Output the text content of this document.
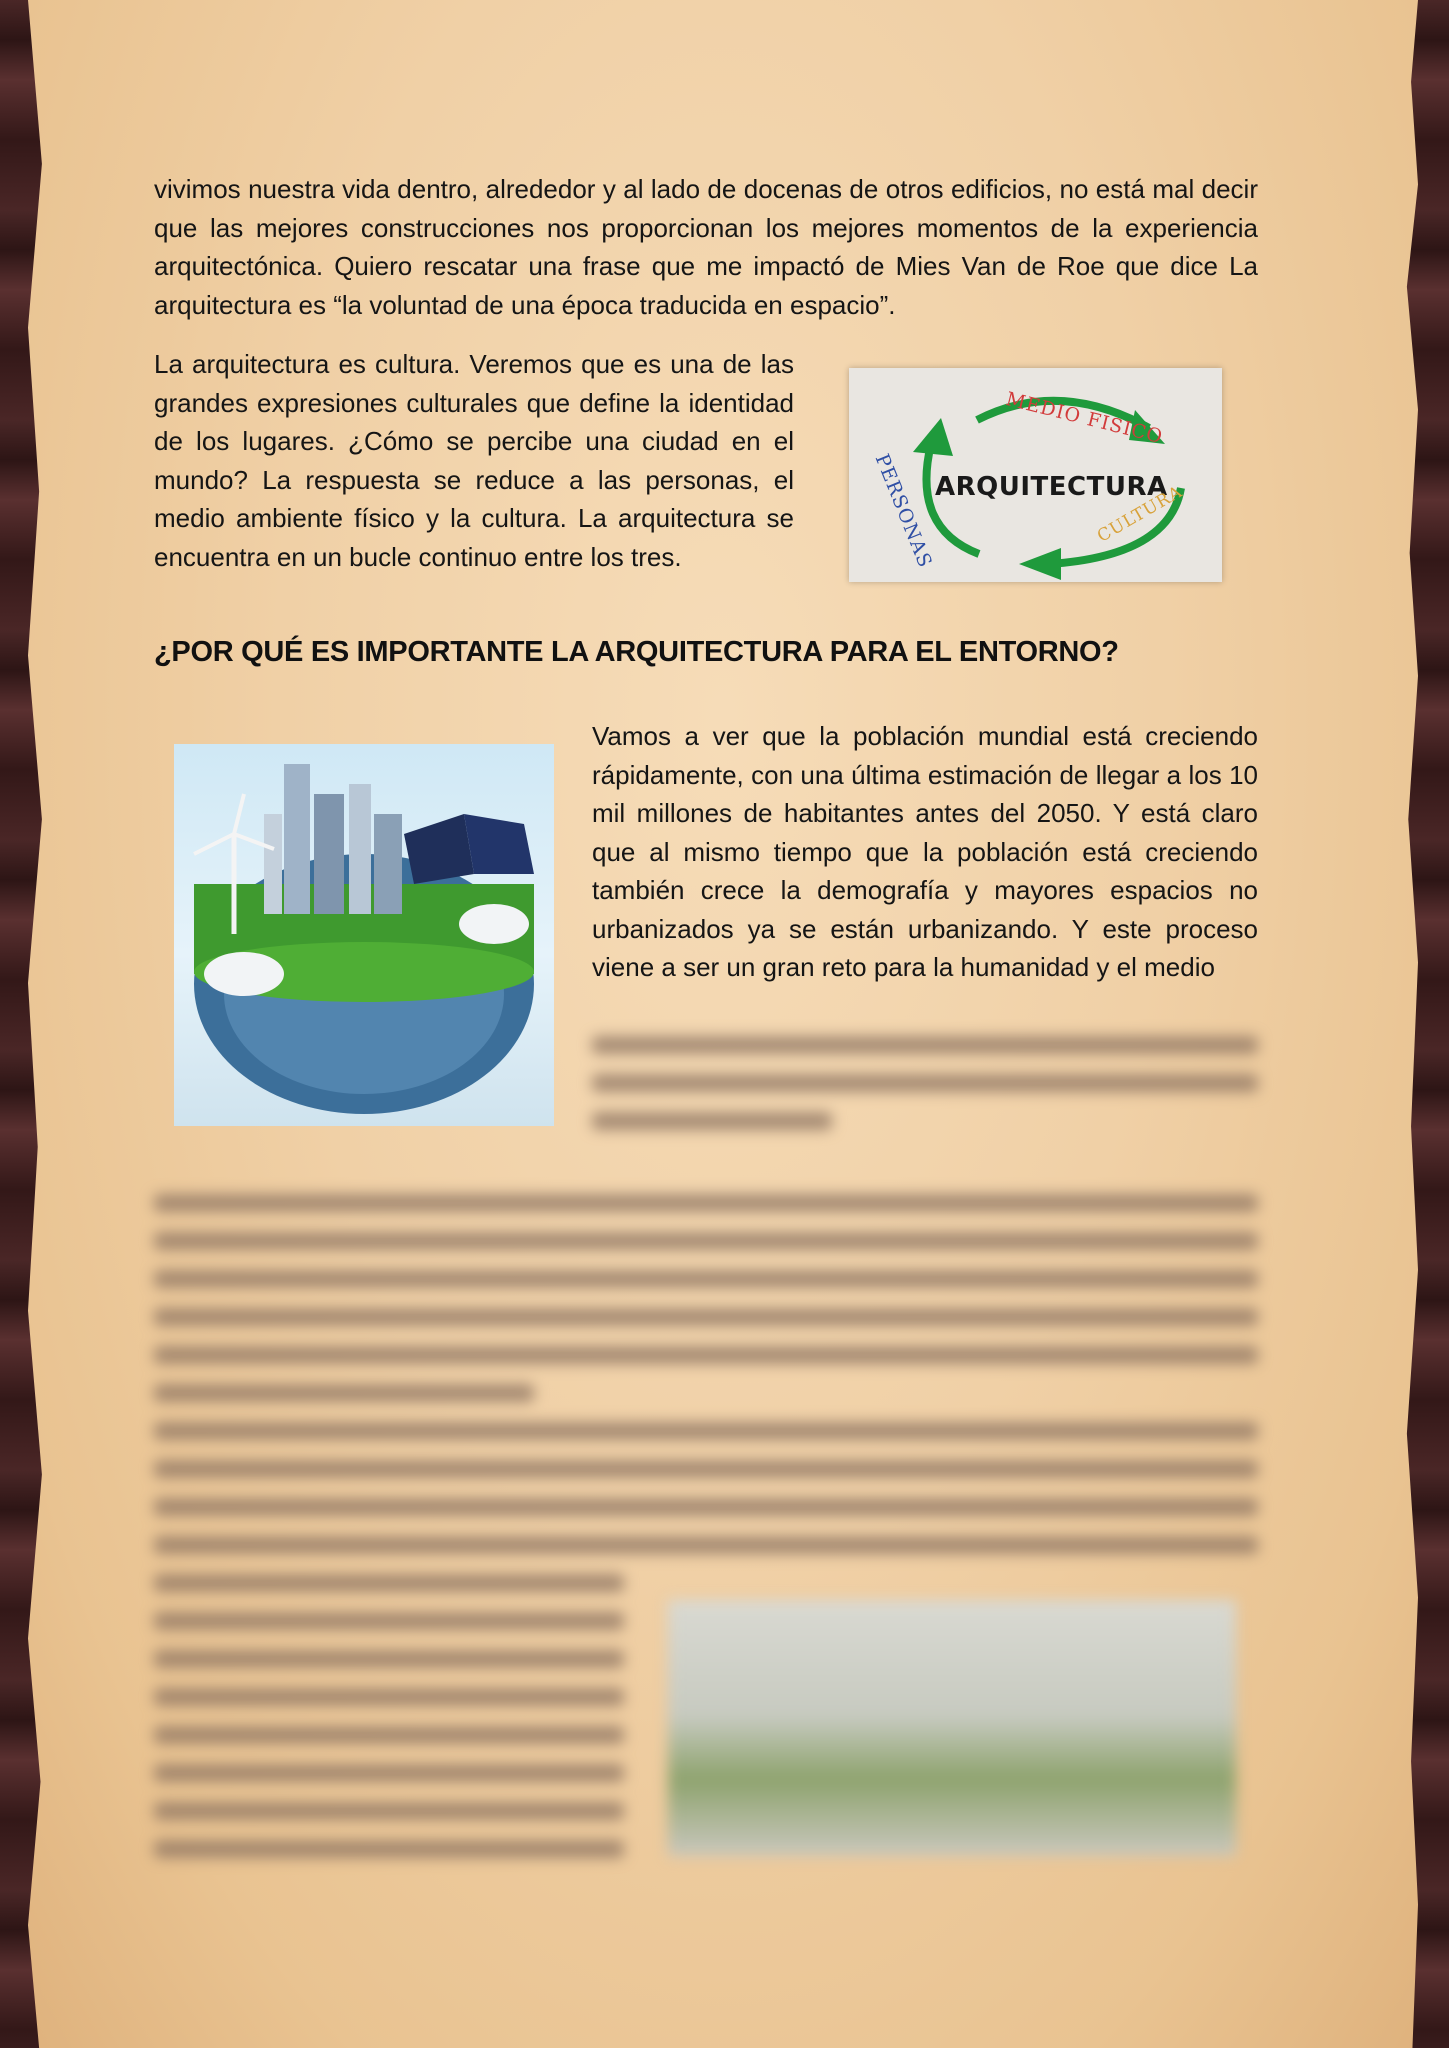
vivimos nuestra vida dentro, alrededor y al lado de docenas de otros edificios, no está mal decir que las mejores construcciones nos proporcionan los mejores momentos de la experiencia arquitectónica. Quiero rescatar una frase que me impactó de Mies Van de Roe que dice La arquitectura es “la voluntad de una época traducida en espacio”.

La arquitectura es cultura. Veremos que es una de las grandes expresiones culturales que define la identidad de los lugares. ¿Cómo se percibe una ciudad en el mundo? La respuesta se reduce a las personas, el medio ambiente físico y la cultura. La arquitectura se encuentra en un bucle continuo entre los tres.

ARQUITECTURA
MEDIO FISICO
PERSONAS	CULTURA
¿POR QUÉ ES IMPORTANTE LA ARQUITECTURA PARA EL ENTORNO?

Vamos a ver que la población mundial está creciendo rápidamente, con una última estimación de llegar a los 10 mil millones de habitantes antes del 2050. Y está claro que al mismo tiempo que la población está creciendo también crece la demografía y mayores espacios no urbanizados ya se están urbanizando. Y este proceso viene a ser un gran reto para la humanidad y el medio
